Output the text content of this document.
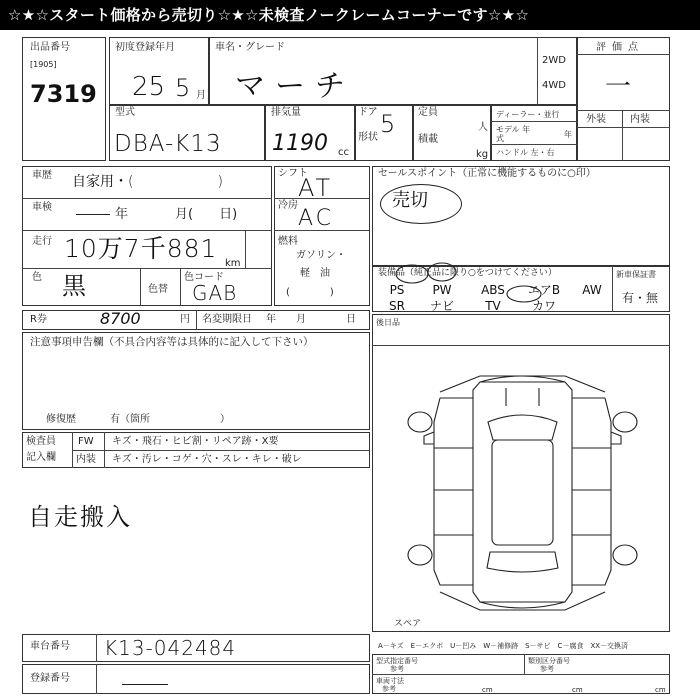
☆★☆スタート価格から売切り☆★☆未検査ノークレームコーナーです☆★☆
出品番号
[1905]
7319
初度登録年月
25 5 月
車名・グレード
マーチ
2WD
4WD
評価点
一
外装 内装
型式
DBA-K13
排気量
1190 cc
ドア 5
形状
定員
人
積載
kg
ディーラー・並行
モデル 年式	年
ハンドル 左・右
車歴 自家用・(　　　　　　)
車検	年	月(　　日)
走行 10万7千881
km
色 黒	色替
色コード
GAB
シフト
AT
冷房
AC
燃料
ガソリン・
軽　油
(　　　　)
セールスポイント（正常に機能するものに○印）
売切
装備品（純正品に限り○をつけてください）	新車保証書
有・無
PS	PW	ABS	エアB	AW
SR	ナビ	TV	カワ
R券	8700	円 名変期限日 年 月	日
注意事項申告欄（不具合内容等は具体的に記入して下さい）
修復歴	有（箇所　　　　　　　）
検査員
記入欄
FW キズ・飛石・ヒビ割・リペア跡・X要
内装 キズ・汚レ・コゲ・穴・スレ・キレ・破レ
自走搬入
後日品
スペア
車台番号 K13-042484
登録番号
A－キズ　E－エクボ　U－凹み　W－補修跡　S－サビ　C－腐食　XX－交換済
型式指定番号
参考
類別区分番号
参考
車両寸法
参考	cm	cm	cm
